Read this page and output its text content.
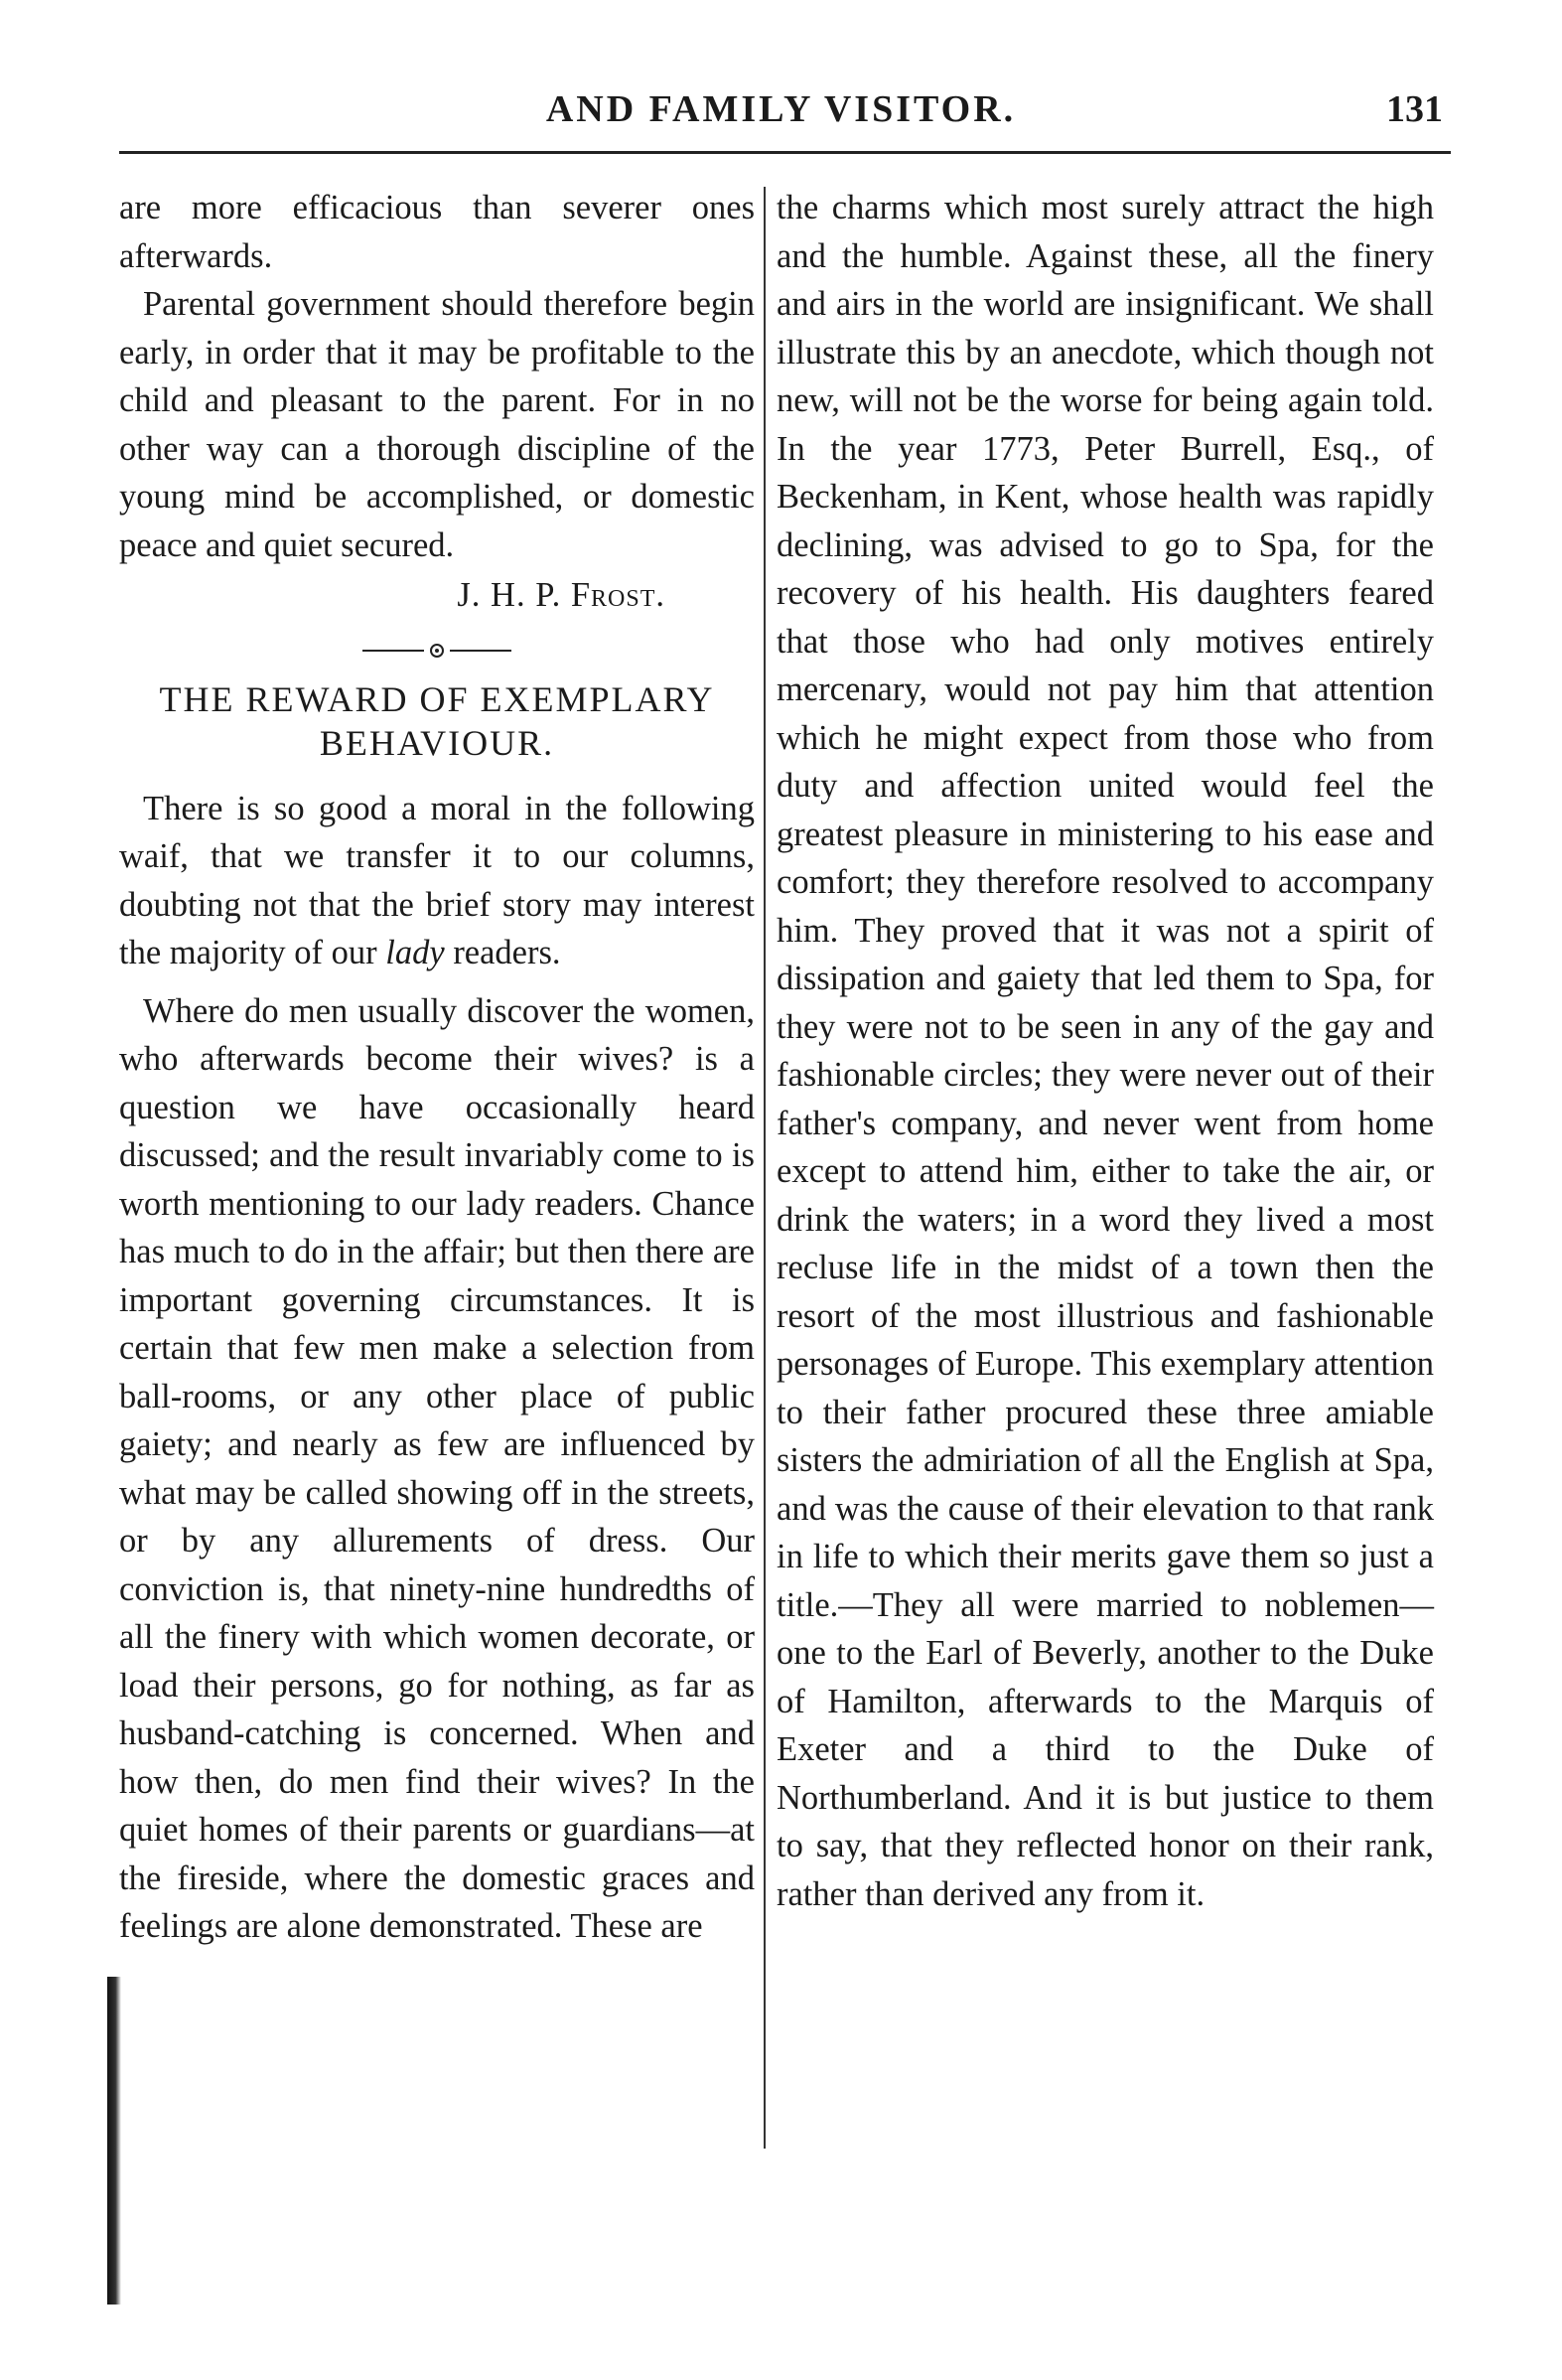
AND FAMILY VISITOR.	131

are more efficacious than severer ones afterwards.

Parental government should therefore begin early, in order that it may be profitable to the child and pleasant to the parent. For in no other way can a thorough discipline of the young mind be accomplished, or domestic peace and quiet secured.

J. H. P. Frost.

THE REWARD OF EXEMPLARY BEHAVIOUR.

There is so good a moral in the following waif, that we transfer it to our columns, doubting not that the brief story may interest the majority of our lady readers.

Where do men usually discover the women, who afterwards become their wives? is a question we have occasionally heard discussed; and the result invariably come to is worth mentioning to our lady readers. Chance has much to do in the affair; but then there are important governing circumstances. It is certain that few men make a selection from ball-rooms, or any other place of public gaiety; and nearly as few are influenced by what may be called showing off in the streets, or by any allurements of dress. Our conviction is, that ninety-nine hundredths of all the finery with which women decorate, or load their persons, go for nothing, as far as husband-catching is concerned. When and how then, do men find their wives? In the quiet homes of their parents or guardians—at the fireside, where the domestic graces and feelings are alone demonstrated. These are

the charms which most surely attract the high and the humble. Against these, all the finery and airs in the world are insignificant. We shall illustrate this by an anecdote, which though not new, will not be the worse for being again told. In the year 1773, Peter Burrell, Esq., of Beckenham, in Kent, whose health was rapidly declining, was advised to go to Spa, for the recovery of his health. His daughters feared that those who had only motives entirely mercenary, would not pay him that attention which he might expect from those who from duty and affection united would feel the greatest pleasure in ministering to his ease and comfort; they therefore resolved to accompany him. They proved that it was not a spirit of dissipation and gaiety that led them to Spa, for they were not to be seen in any of the gay and fashionable circles; they were never out of their father's company, and never went from home except to attend him, either to take the air, or drink the waters; in a word they lived a most recluse life in the midst of a town then the resort of the most illustrious and fashionable personages of Europe. This exemplary attention to their father procured these three amiable sisters the admiriation of all the English at Spa, and was the cause of their elevation to that rank in life to which their merits gave them so just a title.—They all were married to noblemen—one to the Earl of Beverly, another to the Duke of Hamilton, afterwards to the Marquis of Exeter and a third to the Duke of Northumberland. And it is but justice to them to say, that they reflected honor on their rank, rather than derived any from it.
